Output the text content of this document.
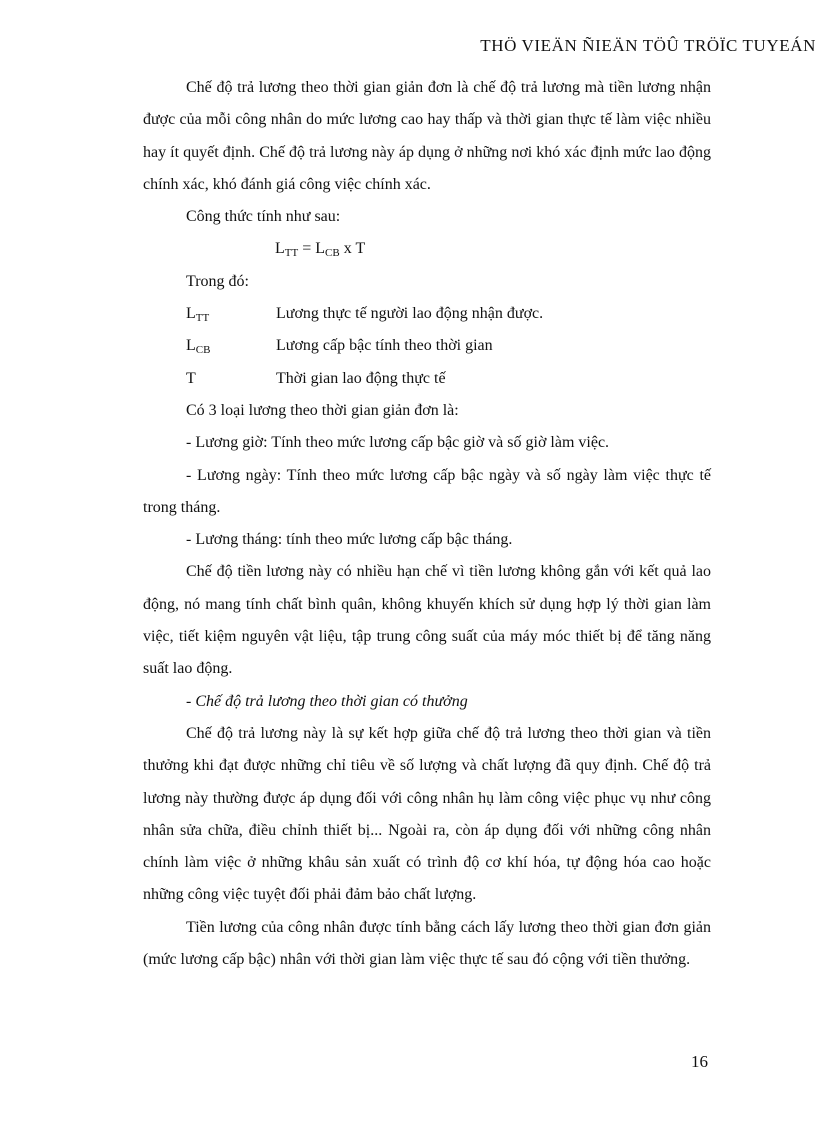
THÖ VIEÄN ÑIEÄN TÖÛ TRÖÏC TUYEÁN

Chế độ trả lương theo thời gian giản đơn là chế độ trả lương mà tiền lương nhận được của mỗi công nhân do mức lương cao hay thấp và thời gian thực tế làm việc nhiều hay ít quyết định. Chế độ trả lương này áp dụng ở những nơi khó xác định mức lao động chính xác, khó đánh giá công việc chính xác.

Công thức tính như sau:

$L_{TT} = L_{CB}$ x T

Trong đó:

$L_{TT}$	Lương thực tế người lao động nhận được.
$L_{CB}$	Lương cấp bậc tính theo thời gian
T	Thời gian lao động thực tế

Có 3 loại lương theo thời gian giản đơn là:

- Lương giờ: Tính theo mức lương cấp bậc giờ và số giờ làm việc.

- Lương ngày: Tính theo mức lương cấp bậc ngày và số ngày làm việc thực tế trong tháng.

- Lương tháng: tính theo mức lương cấp bậc tháng.

Chế độ tiền lương này có nhiều hạn chế vì tiền lương không gắn với kết quả lao động, nó mang tính chất bình quân, không khuyến khích sử dụng hợp lý thời gian làm việc, tiết kiệm nguyên vật liệu, tập trung công suất của máy móc thiết bị để tăng năng suất lao động.

- Chế độ trả lương theo thời gian có thưởng

Chế độ trả lương này là sự kết hợp giữa chế độ trả lương theo thời gian và tiền thưởng khi đạt được những chỉ tiêu về số lượng và chất lượng đã quy định. Chế độ trả lương này thường được áp dụng đối với công nhân hụ làm công việc phục vụ như công nhân sửa chữa, điều chỉnh thiết bị... Ngoài ra, còn áp dụng đối với những công nhân chính làm việc ở những khâu sản xuất có trình độ cơ khí hóa, tự động hóa cao hoặc những công việc tuyệt đối phải đảm bảo chất lượng.

Tiền lương của công nhân được tính bằng cách lấy lương theo thời gian đơn giản (mức lương cấp bậc) nhân với thời gian làm việc thực tế sau đó cộng với tiền thưởng.

16
